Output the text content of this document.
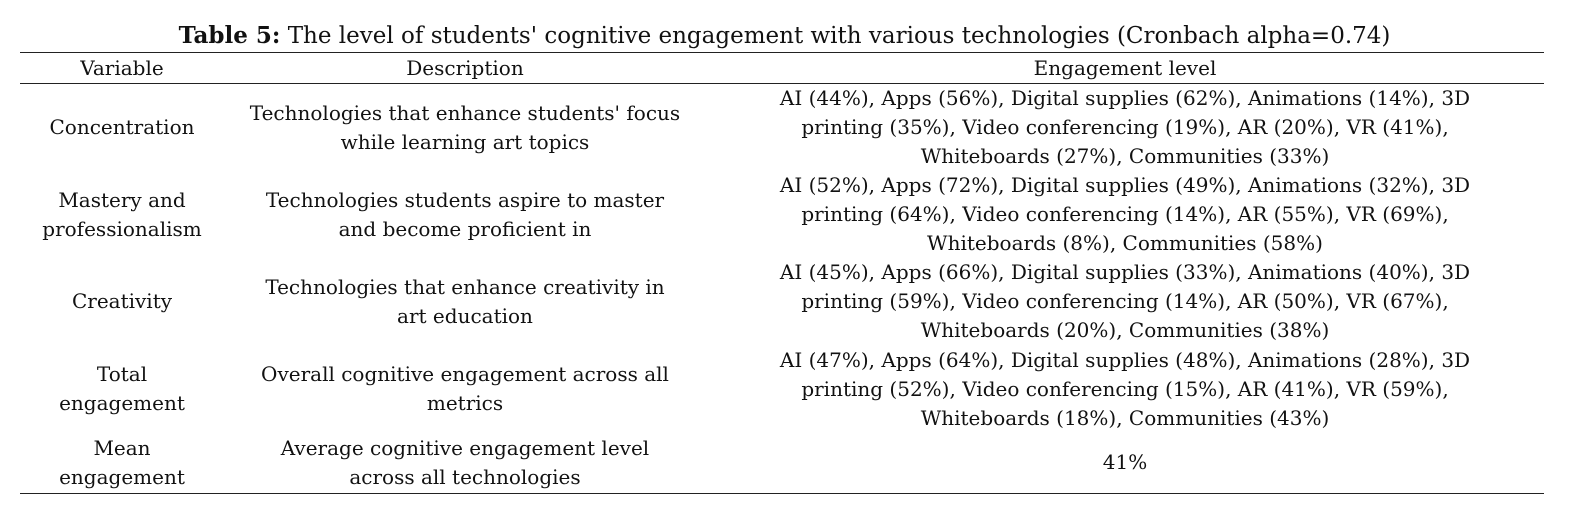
Table 5: The level of students' cognitive engagement with various technologies (Cronbach alpha=0.74)
Variable	Description	Engagement level
Concentration	Technologies that enhance students' focus while learning art topics	AI (44%), Apps (56%), Digital supplies (62%), Animations (14%), 3D printing (35%), Video conferencing (19%), AR (20%), VR (41%), Whiteboards (27%), Communities (33%)
Mastery and professionalism	Technologies students aspire to master and become proficient in	AI (52%), Apps (72%), Digital supplies (49%), Animations (32%), 3D printing (64%), Video conferencing (14%), AR (55%), VR (69%), Whiteboards (8%), Communities (58%)
Creativity	Technologies that enhance creativity in art education	AI (45%), Apps (66%), Digital supplies (33%), Animations (40%), 3D printing (59%), Video conferencing (14%), AR (50%), VR (67%), Whiteboards (20%), Communities (38%)
Total engagement	Overall cognitive engagement across all metrics	AI (47%), Apps (64%), Digital supplies (48%), Animations (28%), 3D printing (52%), Video conferencing (15%), AR (41%), VR (59%), Whiteboards (18%), Communities (43%)
Mean engagement	Average cognitive engagement level across all technologies	41%
